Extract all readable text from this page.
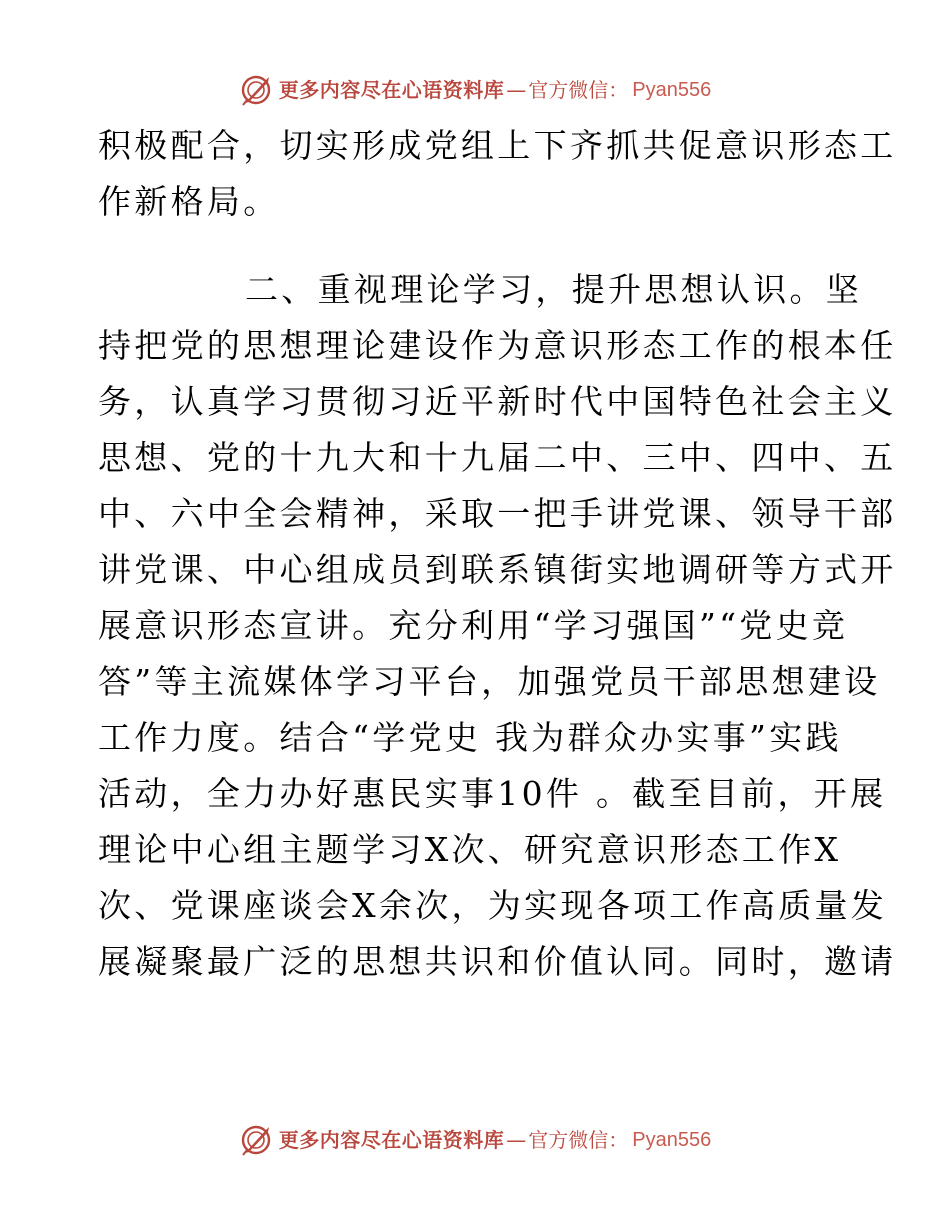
更多内容尽在心语资料库 — 官方微信： Pyan556
积极配合，切实形成党组上下齐抓共促意识形态工
作新格局。
二、重视理论学习，提升思想认识。坚
持把党的思想理论建设作为意识形态工作的根本任
务，认真学习贯彻习近平新时代中国特色社会主义
思想、党的十九大和十九届二中、三中、四中、五
中、六中全会精神，采取一把手讲党课、领导干部
讲党课、中心组成员到联系镇街实地调研等方式开
展意识形态宣讲。充分利用“学习强国”“党史竞
答”等主流媒体学习平台，加强党员干部思想建设
工作力度。结合“学党史 我为群众办实事”实践
活动，全力办好惠民实事10件 。截至目前，开展
理论中心组主题学习X次、研究意识形态工作X
次、党课座谈会X余次，为实现各项工作高质量发
展凝聚最广泛的思想共识和价值认同。同时，邀请
更多内容尽在心语资料库 — 官方微信： Pyan556
